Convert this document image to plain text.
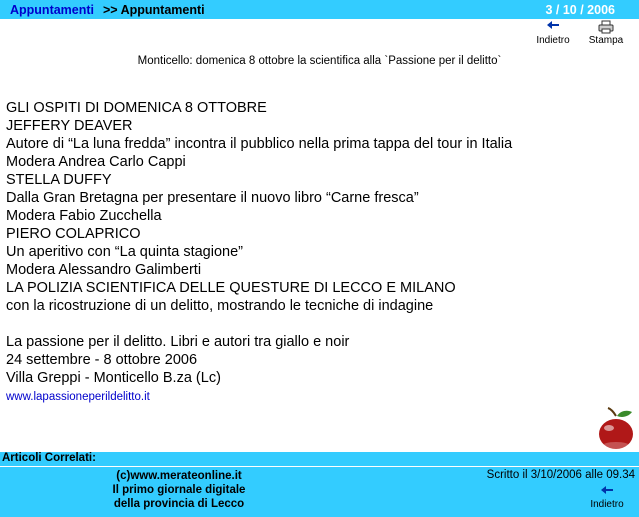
Appuntamenti >> Appuntamenti	3 / 10 / 2006
Indietro Stampa
Monticello: domenica 8 ottobre la scientifica alla `Passione per il delitto`
GLI OSPITI DI DOMENICA 8 OTTOBRE
JEFFERY DEAVER
Autore di “La luna fredda” incontra il pubblico nella prima tappa del tour in Italia
Modera Andrea Carlo Cappi
STELLA DUFFY
Dalla Gran Bretagna per presentare il nuovo libro “Carne fresca”
Modera Fabio Zucchella
PIERO COLAPRICO
Un aperitivo con “La quinta stagione”
Modera Alessandro Galimberti
LA POLIZIA SCIENTIFICA DELLE QUESTURE DI LECCO E MILANO
con la ricostruzione di un delitto, mostrando le tecniche di indagine
La passione per il delitto. Libri e autori tra giallo e noir
24 settembre - 8 ottobre 2006
Villa Greppi - Monticello B.za (Lc)
www.lapassioneperildelitto.it
Articoli Correlati:
(c)www.merateonline.it
Il primo giornale digitale
della provincia di Lecco
Scritto il 3/10/2006 alle 09.34
Indietro
